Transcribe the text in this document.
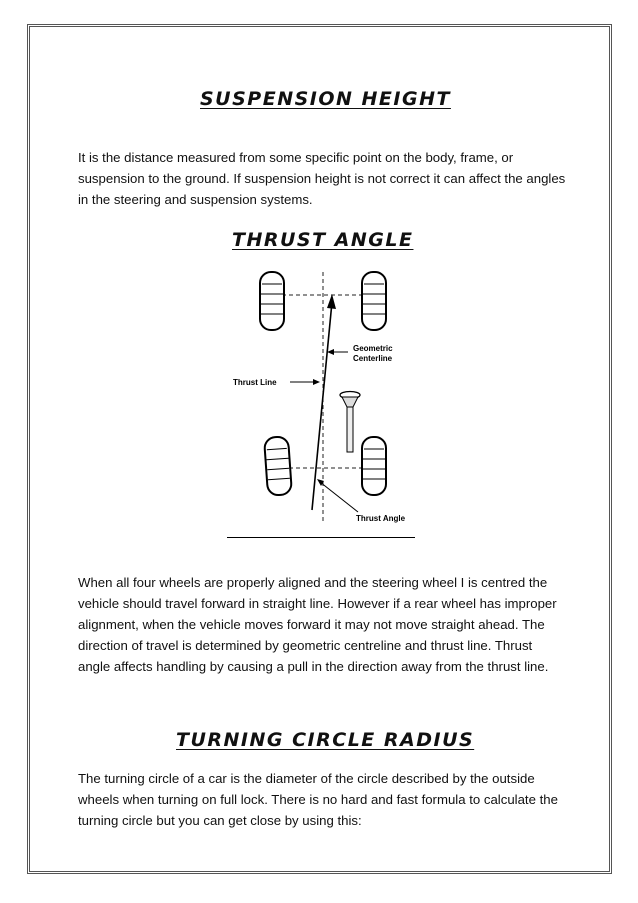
SUSPENSION HEIGHT

It is the distance measured from some specific point on the body, frame, or suspension to the ground. If suspension height is not correct it can affect the angles in the steering and suspension systems.

THRUST ANGLE
Geometric
Centerline
Thrust Line
Thrust Angle

When all four wheels are properly aligned and the steering wheel I is centred the vehicle should travel forward in straight line. However if a rear wheel has improper alignment, when the vehicle moves forward it may not move straight ahead. The direction of travel is determined by geometric centreline and thrust line. Thrust angle affects handling by causing a pull in the direction away from the thrust line.

TURNING CIRCLE RADIUS

The turning circle of a car is the diameter of the circle described by the outside wheels when turning on full lock. There is no hard and fast formula to calculate the turning circle but you can get close by using this:
